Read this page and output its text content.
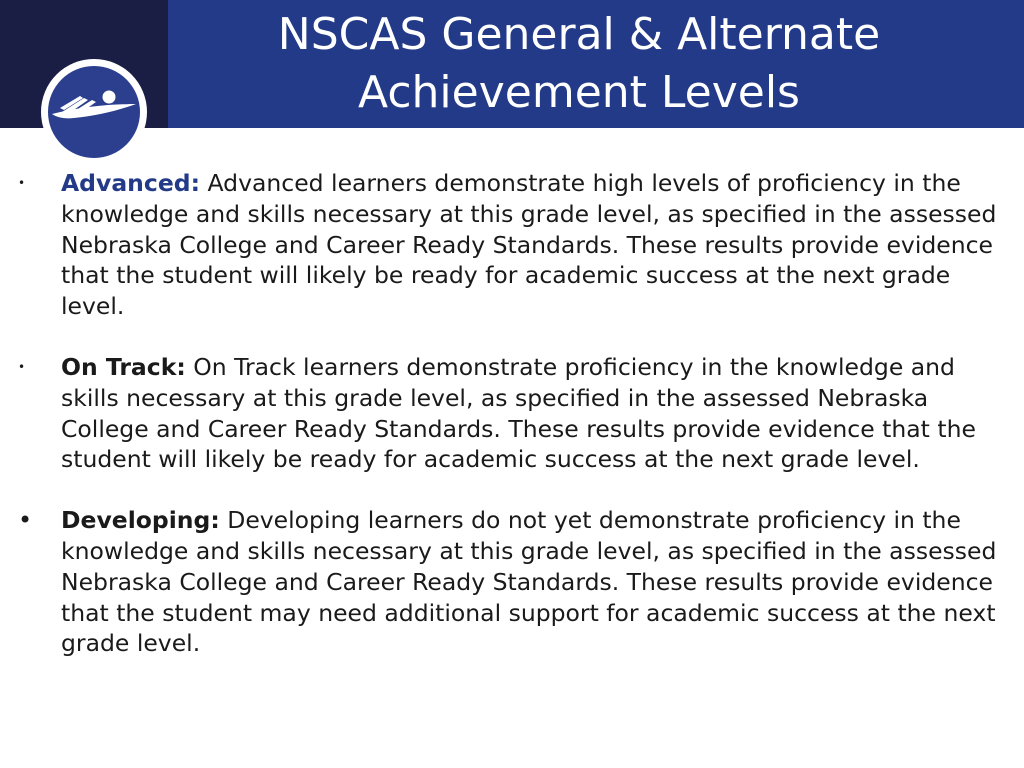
NSCAS General & Alternate
Achievement Levels
• Advanced: Advanced learners demonstrate high levels of proficiency in the knowledge and skills necessary at this grade level, as specified in the assessed Nebraska College and Career Ready Standards. These results provide evidence that the student will likely be ready for academic success at the next grade level.
• On Track: On Track learners demonstrate proficiency in the knowledge and skills necessary at this grade level, as specified in the assessed Nebraska College and Career Ready Standards. These results provide evidence that the student will likely be ready for academic success at the next grade level.
• Developing: Developing learners do not yet demonstrate proficiency in the knowledge and skills necessary at this grade level, as specified in the assessed Nebraska College and Career Ready Standards. These results provide evidence that the student may need additional support for academic success at the next grade level.
